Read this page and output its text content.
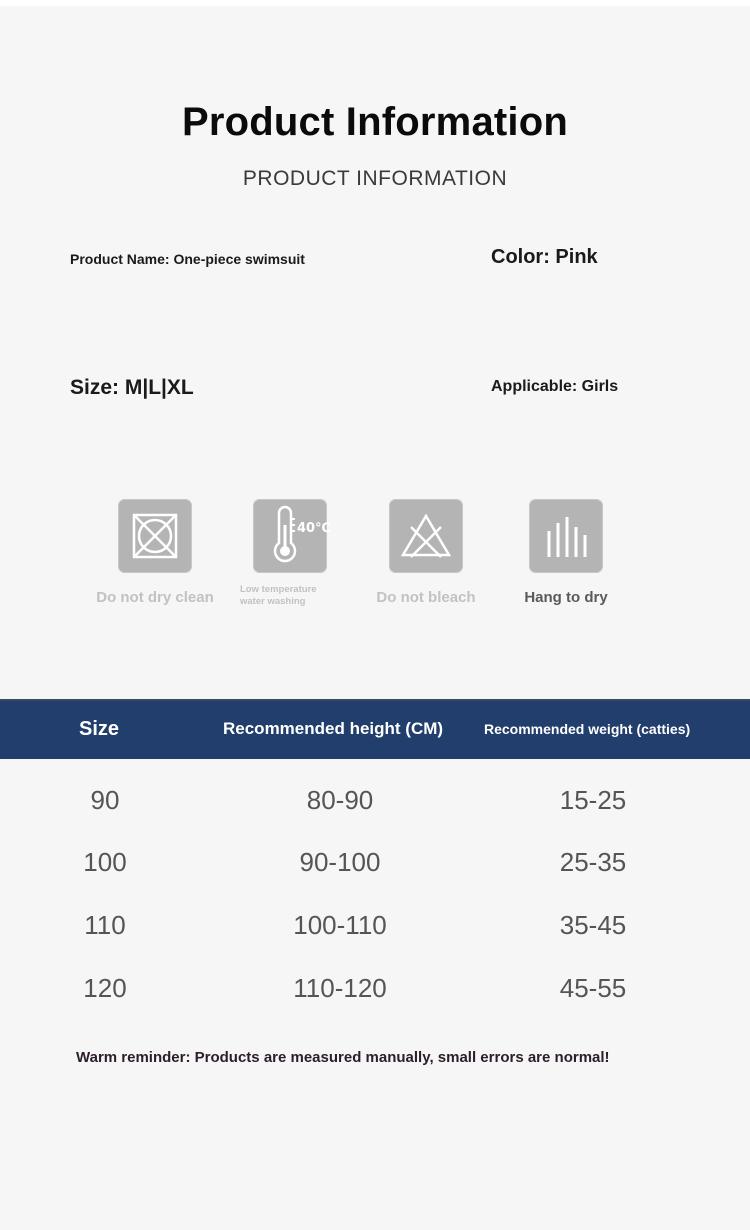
Product Information
PRODUCT INFORMATION
Product Name: One-piece swimsuit	Color: Pink
Size: M|L|XL	Applicable: Girls
Do not dry clean
40℃
Low temperature water washing	Do not bleach	Hang to dry
Size	Recommended height (CM)	Recommended weight (catties)
90	80-90	15-25
100	90-100	25-35
110	100-110	35-45
120	110-120	45-55
Warm reminder: Products are measured manually, small errors are normal!
